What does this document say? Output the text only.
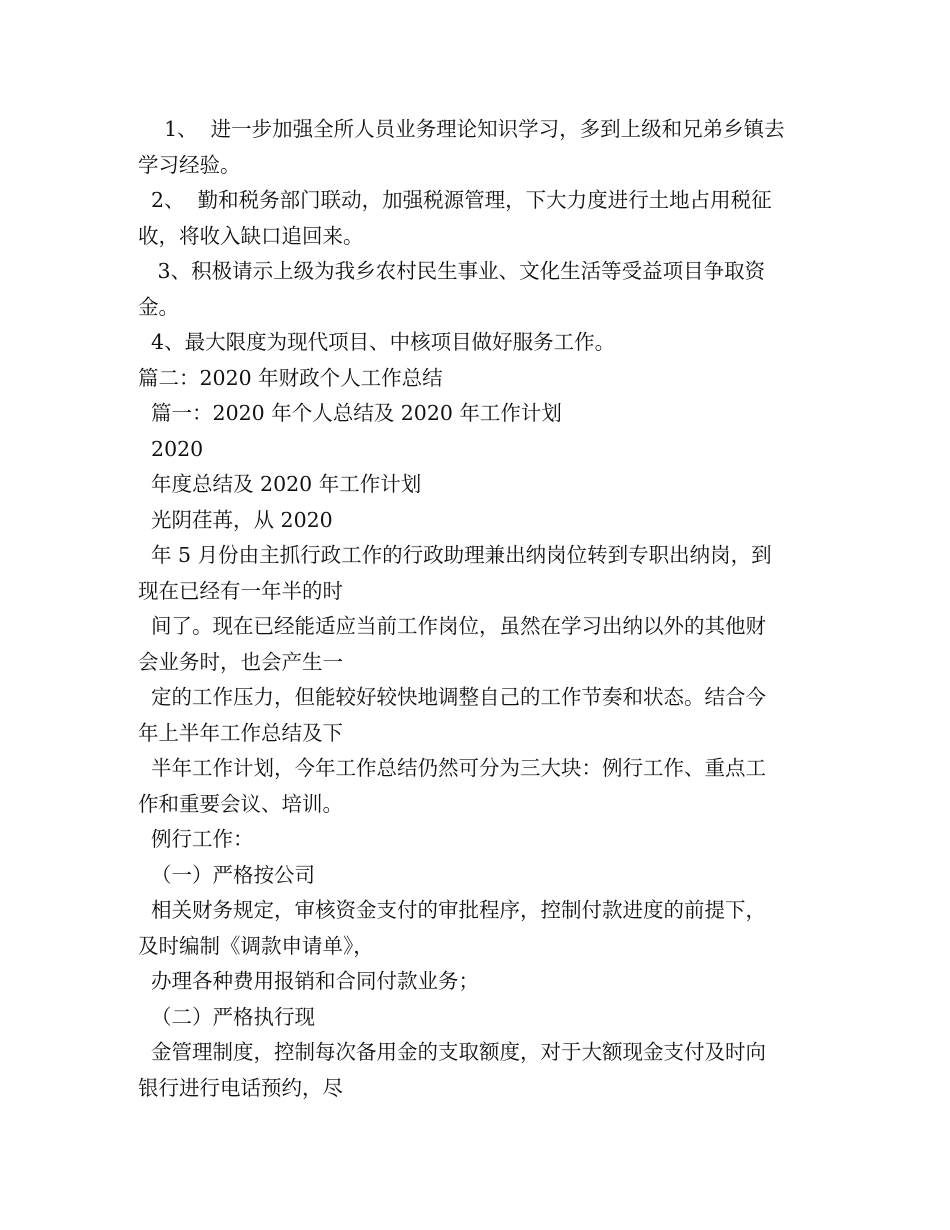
1、  进一步加强全所人员业务理论知识学习，多到上级和兄弟乡镇去
学习经验。
2、  勤和税务部门联动，加强税源管理，下大力度进行土地占用税征
收，将收入缺口追回来。
3、积极请示上级为我乡农村民生事业、文化生活等受益项目争取资
金。
4、最大限度为现代项目、中核项目做好服务工作。
篇二：2020 年财政个人工作总结
篇一：2020 年个人总结及 2020 年工作计划
2020
年度总结及 2020 年工作计划
光阴荏苒，从 2020
年 5 月份由主抓行政工作的行政助理兼出纳岗位转到专职出纳岗，到
现在已经有一年半的时
间了。现在已经能适应当前工作岗位，虽然在学习出纳以外的其他财
会业务时，也会产生一
定的工作压力，但能较好较快地调整自己的工作节奏和状态。结合今
年上半年工作总结及下
半年工作计划，今年工作总结仍然可分为三大块：例行工作、重点工
作和重要会议、培训。
例行工作：
（一）严格按公司
相关财务规定，审核资金支付的审批程序，控制付款进度的前提下，
及时编制《调款申请单》，
办理各种费用报销和合同付款业务；
（二）严格执行现
金管理制度，控制每次备用金的支取额度，对于大额现金支付及时向
银行进行电话预约，尽
